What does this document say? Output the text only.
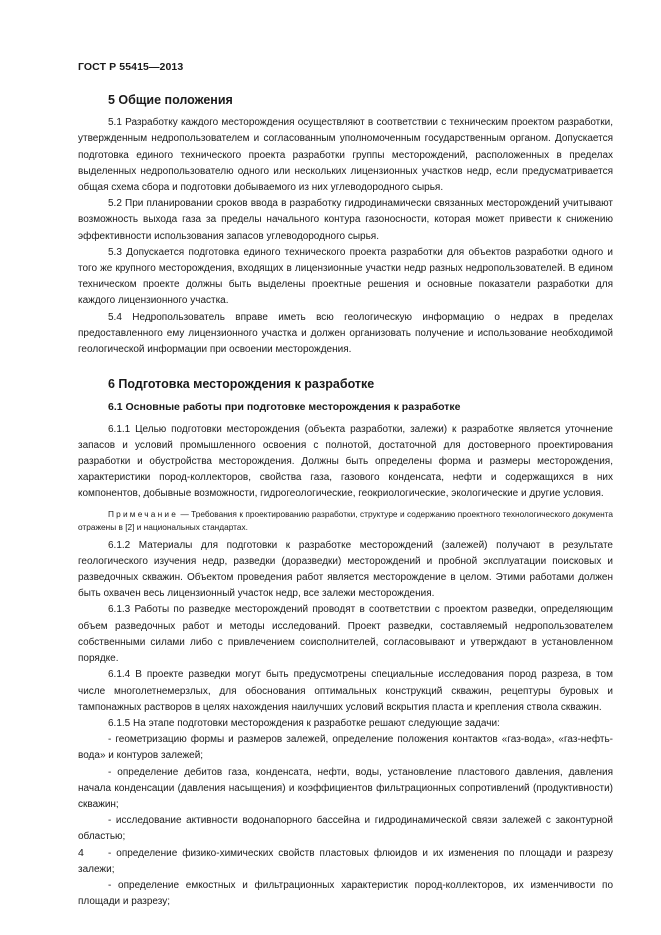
ГОСТ Р 55415—2013
5 Общие положения

5.1 Разработку каждого месторождения осуществляют в соответствии с техническим проектом разработки, утвержденным недропользователем и согласованным уполномоченным государственным органом. Допускается подготовка единого технического проекта разработки группы месторождений, расположенных в пределах выделенных недропользователю одного или нескольких лицензионных участков недр, если предусматривается общая схема сбора и подготовки добываемого из них углеводородного сырья.

5.2 При планировании сроков ввода в разработку гидродинамически связанных месторождений учитывают возможность выхода газа за пределы начального контура газоносности, которая может привести к снижению эффективности использования запасов углеводородного сырья.

5.3 Допускается подготовка единого технического проекта разработки для объектов разработки одного и того же крупного месторождения, входящих в лицензионные участки недр разных недропользователей. В едином техническом проекте должны быть выделены проектные решения и основные показатели разработки для каждого лицензионного участка.

5.4 Недропользователь вправе иметь всю геологическую информацию о недрах в пределах предоставленного ему лицензионного участка и должен организовать получение и использование необходимой геологической информации при освоении месторождения.

6 Подготовка месторождения к разработке
6.1 Основные работы при подготовке месторождения к разработке

6.1.1 Целью подготовки месторождения (объекта разработки, залежи) к разработке является уточнение запасов и условий промышленного освоения с полнотой, достаточной для достоверного проектирования разработки и обустройства месторождения. Должны быть определены форма и размеры месторождения, характеристики пород-коллекторов, свойства газа, газового конденсата, нефти и содержащихся в них компонентов, добывные возможности, гидрогеологические, геокриологические, экологические и другие условия.

Примечание — Требования к проектированию разработки, структуре и содержанию проектного технологического документа отражены в [2] и национальных стандартах.

6.1.2 Материалы для подготовки к разработке месторождений (залежей) получают в результате геологического изучения недр, разведки (доразведки) месторождений и пробной эксплуатации поисковых и разведочных скважин. Объектом проведения работ является месторождение в целом. Этими работами должен быть охвачен весь лицензионный участок недр, все залежи месторождения.

6.1.3 Работы по разведке месторождений проводят в соответствии с проектом разведки, определяющим объем разведочных работ и методы исследований. Проект разведки, составляемый недропользователем собственными силами либо с привлечением соисполнителей, согласовывают и утверждают в установленном порядке.

6.1.4 В проекте разведки могут быть предусмотрены специальные исследования пород разреза, в том числе многолетнемерзлых, для обоснования оптимальных конструкций скважин, рецептуры буровых и тампонажных растворов в целях нахождения наилучших условий вскрытия пласта и крепления ствола скважин.

6.1.5 На этапе подготовки месторождения к разработке решают следующие задачи:

- геометризацию формы и размеров залежей, определение положения контактов «газ-вода», «газ-нефть-вода» и контуров залежей;

- определение дебитов газа, конденсата, нефти, воды, установление пластового давления, давления начала конденсации (давления насыщения) и коэффициентов фильтрационных сопротивлений (продуктивности) скважин;

- исследование активности водонапорного бассейна и гидродинамической связи залежей с законтурной областью;

- определение физико-химических свойств пластовых флюидов и их изменения по площади и разрезу залежи;

- определение емкостных и фильтрационных характеристик пород-коллекторов, их изменчивости по площади и разрезу;

4
